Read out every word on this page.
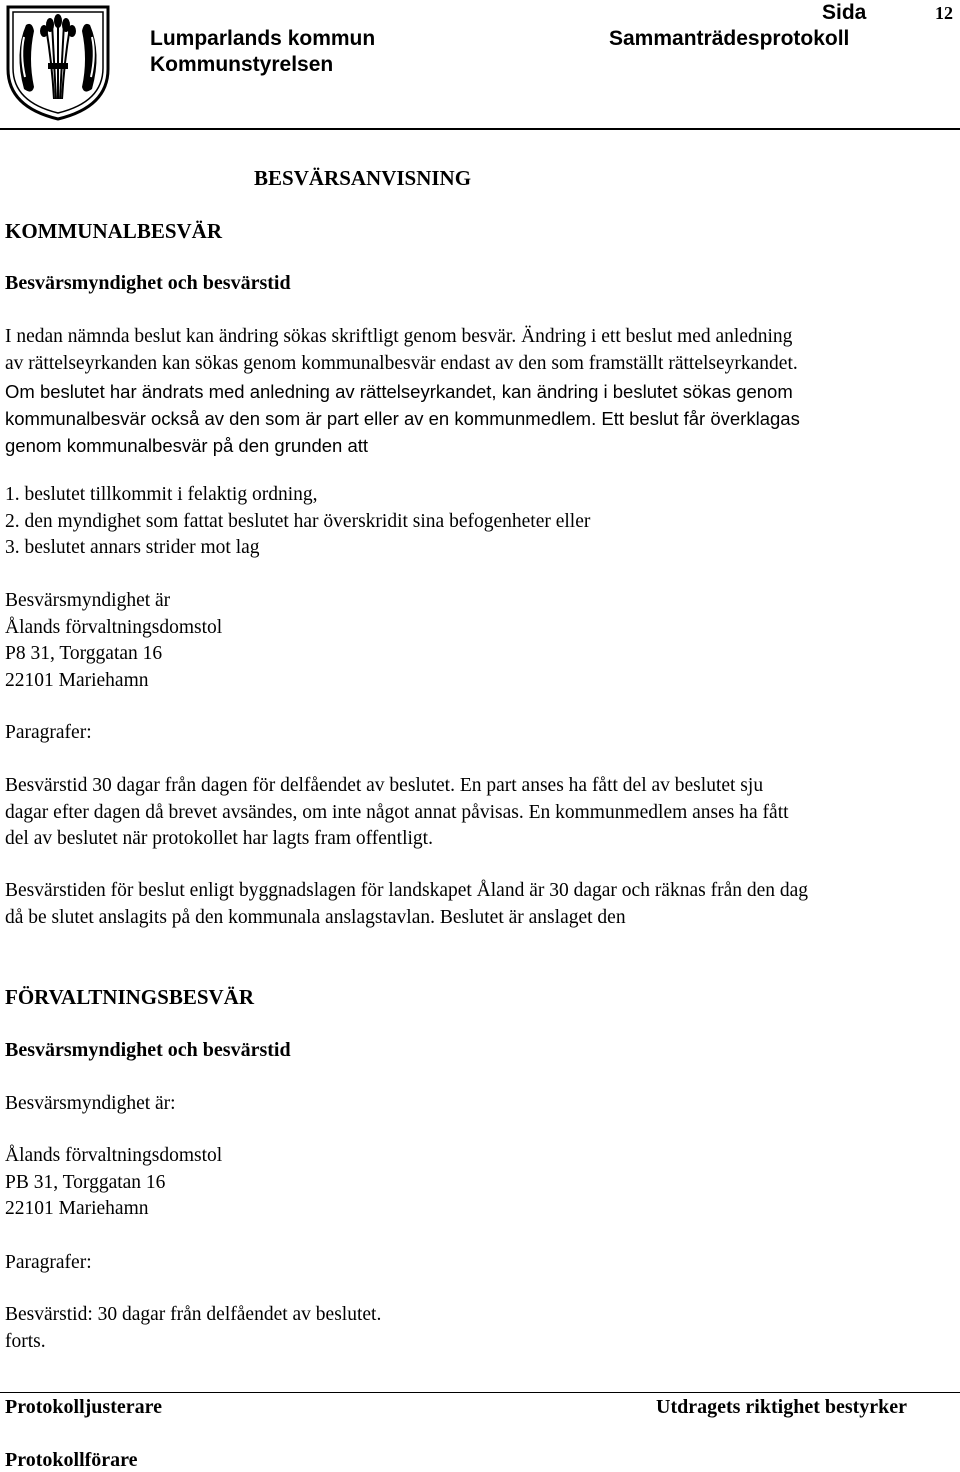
Lumparlands kommun
Kommunstyrelsen
Sammanträdesprotokoll
Sida	12
BESVÄRSANVISNING
KOMMUNALBESVÄR
Besvärsmyndighet och besvärstid
I nedan nämnda beslut kan ändring sökas skriftligt genom besvär. Ändring i ett beslut med anledning
av rättelseyrkanden kan sökas genom kommunalbesvär endast av den som framställt rättelseyrkandet.
Om beslutet har ändrats med anledning av rättelseyrkandet, kan ändring i beslutet sökas genom
kommunalbesvär också av den som är part eller av en kommunmedlem. Ett beslut får överklagas
genom kommunalbesvär på den grunden att
1. beslutet tillkommit i felaktig ordning,
2. den myndighet som fattat beslutet har överskridit sina befogenheter eller
3. beslutet annars strider mot lag
Besvärsmyndighet är
Ålands förvaltningsdomstol
P8 31, Torggatan 16
22101 Mariehamn
Paragrafer:
Besvärstid 30 dagar från dagen för delfåendet av beslutet. En part anses ha fått del av beslutet sju
dagar efter dagen då brevet avsändes, om inte något annat påvisas. En kommunmedlem anses ha fått
del av beslutet när protokollet har lagts fram offentligt.
Besvärstiden för beslut enligt byggnadslagen för landskapet Åland är 30 dagar och räknas från den dag
då be slutet anslagits på den kommunala anslagstavlan. Beslutet är anslaget den
FÖRVALTNINGSBESVÄR
Besvärsmyndighet och besvärstid
Besvärsmyndighet är:
Ålands förvaltningsdomstol
PB 31, Torggatan 16
22101 Mariehamn
Paragrafer:
Besvärstid: 30 dagar från delfåendet av beslutet.
forts.
Protokolljusterare	Utdragets riktighet bestyrker
Protokollförare
